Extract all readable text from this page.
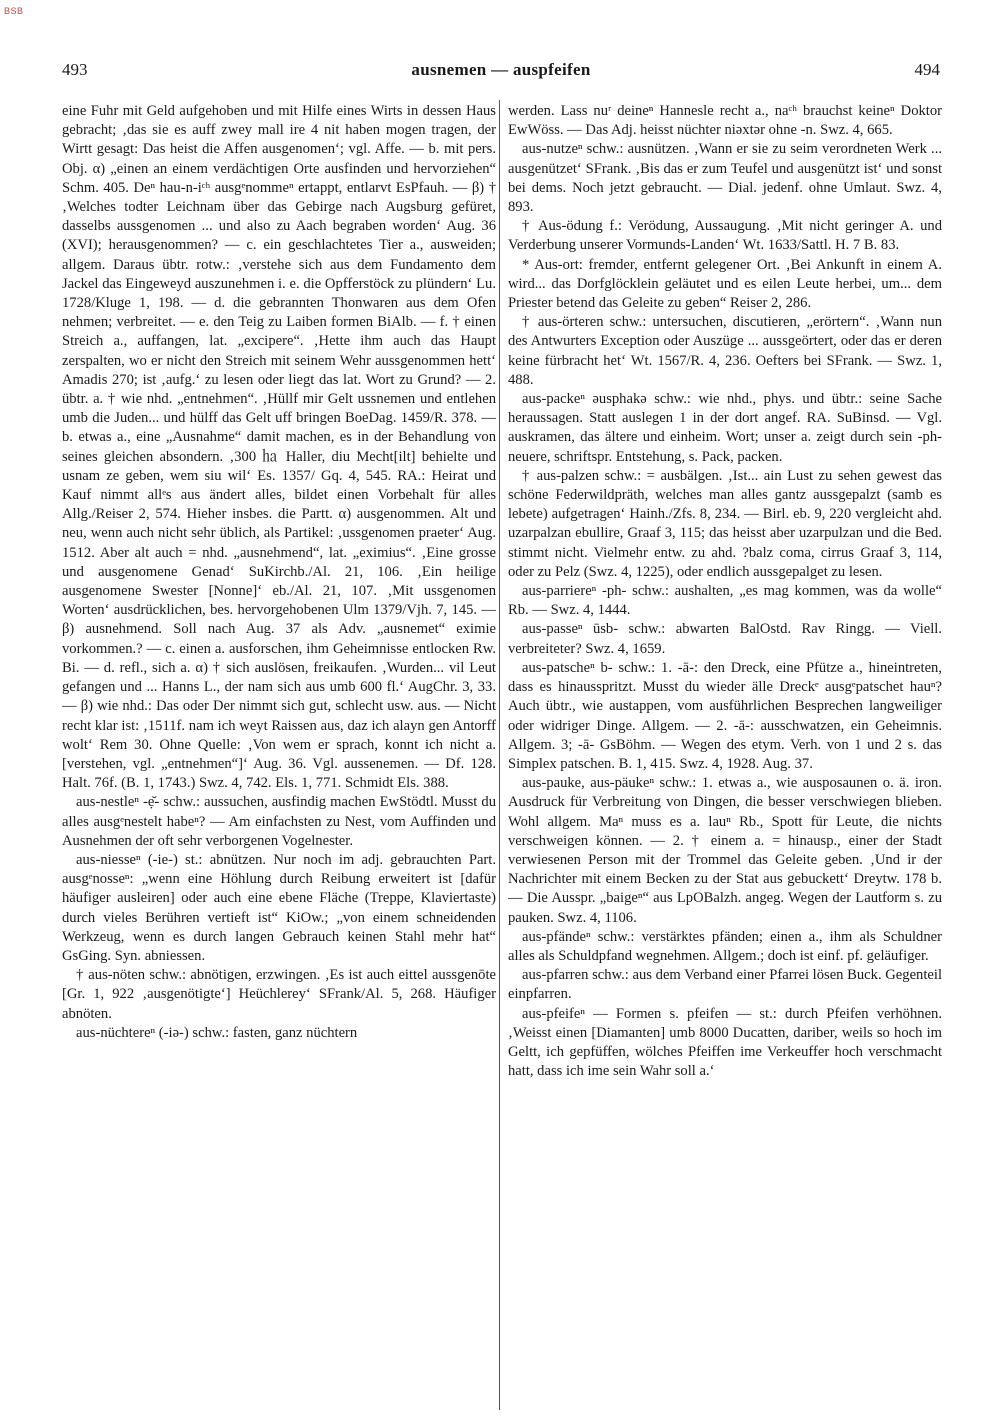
BSB
493	ausnemen — auspfeifen	494

eine Fuhr mit Geld aufgehoben und mit Hilfe eines Wirts in dessen Haus gebracht; ‚das sie es auff zwey mall ire 4 nit haben mogen tragen, der Wirtt gesagt: Das heist die Affen ausgenomen‘; vgl. Affe. — b. mit pers. Obj. α) „einen an einem verdächtigen Orte ausfinden und hervorziehen“ Schm. 405. Deⁿ hau-n-iᶜʰ ausgᵉnommeⁿ ertappt, entlarvt EsPfauh. — β) † ‚Welches todter Leichnam über das Gebirge nach Augsburg gefüret, dasselbs aussgenomen ... und also zu Aach begraben worden‘ Aug. 36 (XVI); herausgenommen? — c. ein geschlachtetes Tier a., ausweiden; allgem. Daraus übtr. rotw.: ‚verstehe sich aus dem Fundamento dem Jackel das Eingeweyd auszunehmen i. e. die Opfferstöck zu plündern‘ Lu. 1728/Kluge 1, 198. — d. die gebrannten Thonwaren aus dem Ofen nehmen; verbreitet. — e. den Teig zu Laiben formen BiAlb. — f. † einen Streich a., auffangen, lat. „excipere“. ‚Hette ihm auch das Haupt zerspalten, wo er nicht den Streich mit seinem Wehr aussgenommen hett‘ Amadis 270; ist ‚aufg.‘ zu lesen oder liegt das lat. Wort zu Grund? — 2. übtr. a. † wie nhd. „entnehmen“. ‚Hüllf mir Gelt ussnemen und entlehen umb die Juden... und hülff das Gelt uff bringen BoeDag. 1459/R. 378. — b. etwas a., eine „Ausnahme“ damit machen, es in der Behandlung von seines gleichen absondern. ‚300 ㏊ Haller, diu Mecht[ilt] behielte und usnam ze geben, wem siu wil‘ Es. 1357/ Gq. 4, 545. RA.: Heirat und Kauf nimmt allᵉs aus ändert alles, bildet einen Vorbehalt für alles Allg./Reiser 2, 574. Hieher insbes. die Partt. α) ausgenommen. Alt und neu, wenn auch nicht sehr üblich, als Partikel: ‚ussgenomen praeter‘ Aug. 1512. Aber alt auch = nhd. „ausnehmend“, lat. „eximius“. ‚Eine grosse und ausgenomene Genad‘ SuKirchb./Al. 21, 106. ‚Ein heilige ausgenomene Swester [Nonne]‘ eb./Al. 21, 107. ‚Mit ussgenomen Worten‘ ausdrücklichen, bes. hervorgehobenen Ulm 1379/Vjh. 7, 145. — β) ausnehmend. Soll nach Aug. 37 als Adv. „ausnemet“ eximie vorkommen.? — c. einen a. ausforschen, ihm Geheimnisse entlocken Rw. Bi. — d. refl., sich a. α) † sich auslösen, freikaufen. ‚Wurden... vil Leut gefangen und ... Hanns L., der nam sich aus umb 600 fl.‘ AugChr. 3, 33. — β) wie nhd.: Das oder Der nimmt sich gut, schlecht usw. aus. — Nicht recht klar ist: ‚1511f. nam ich weyt Raissen aus, daz ich alayn gen Antorff wolt‘ Rem 30. Ohne Quelle: ‚Von wem er sprach, konnt ich nicht a. [verstehen, vgl. „entnehmen“]‘ Aug. 36. Vgl. aussenemen. — Df. 128. Halt. 76f. (B. 1, 1743.) Swz. 4, 742. Els. 1, 771. Schmidt Els. 388.

aus-nestleⁿ -ẹ̆- schw.: aussuchen, ausfindig machen EwStödtl. Musst du alles ausgᵉnestelt habeⁿ? — Am einfachsten zu Nest, vom Auffinden und Ausnehmen der oft sehr verborgenen Vogelnester.

aus-niesseⁿ (-ie-) st.: abnützen. Nur noch im adj. gebrauchten Part. ausgᵉnosseⁿ: „wenn eine Höhlung durch Reibung erweitert ist [dafür häufiger ausleiren] oder auch eine ebene Fläche (Treppe, Klaviertaste) durch vieles Berühren vertieft ist“ KiOw.; „von einem schneidenden Werkzeug, wenn es durch langen Gebrauch keinen Stahl mehr hat“ GsGing. Syn. abniessen.

† aus-nöten schw.: abnötigen, erzwingen. ‚Es ist auch eittel aussgenōte [Gr. 1, 922 ‚ausgenötigte‘] Heüchlerey‘ SFrank/Al. 5, 268. Häufiger abnöten.

aus-nüchtereⁿ (-iə-) schw.: fasten, ganz nüchtern

werden. Lass nuʳ deineⁿ Hannesle recht a., naᶜʰ brauchst keineⁿ Doktor EwWöss. — Das Adj. heisst nüchter niəxtər ohne -n. Swz. 4, 665.

aus-nutzeⁿ schw.: ausnützen. ‚Wann er sie zu seim verordneten Werk ... ausgenützet‘ SFrank. ‚Bis das er zum Teufel und ausgenützt ist‘ und sonst bei dems. Noch jetzt gebraucht. — Dial. jedenf. ohne Umlaut. Swz. 4, 893.

† Aus-ödung f.: Verödung, Aussaugung. ‚Mit nicht geringer A. und Verderbung unserer Vormunds-Landen‘ Wt. 1633/Sattl. H. 7 B. 83.

* Aus-ort: fremder, entfernt gelegener Ort. ‚Bei Ankunft in einem A. wird... das Dorfglöcklein geläutet und es eilen Leute herbei, um... dem Priester betend das Geleite zu geben“ Reiser 2, 286.

† aus-örteren schw.: untersuchen, discutieren, „erörtern“. ‚Wann nun des Antwurters Exception oder Auszüge ... aussgeörtert, oder das er deren keine fürbracht het‘ Wt. 1567/R. 4, 236. Oefters bei SFrank. — Swz. 1, 488.

aus-packeⁿ əusphakə schw.: wie nhd., phys. und übtr.: seine Sache heraussagen. Statt auslegen 1 in der dort angef. RA. SuBinsd. — Vgl. auskramen, das ältere und einheim. Wort; unser a. zeigt durch sein -ph- neuere, schriftspr. Entstehung, s. Pack, packen.

† aus-palzen schw.: = ausbälgen. ‚Ist... ain Lust zu sehen gewest das schöne Federwildpräth, welches man alles gantz aussgepalzt (samb es lebete) aufgetragen‘ Hainh./Zfs. 8, 234. — Birl. eb. 9, 220 vergleicht ahd. uzarpalzan ebullire, Graaf 3, 115; das heisst aber uzarpulzan und die Bed. stimmt nicht. Vielmehr entw. zu ahd. ?balz coma, cirrus Graaf 3, 114, oder zu Pelz (Swz. 4, 1225), oder endlich aussgepalget zu lesen.

aus-parriereⁿ -ph- schw.: aushalten, „es mag kommen, was da wolle“ Rb. — Swz. 4, 1444.

aus-passeⁿ ūsb- schw.: abwarten BalOstd. Rav Ringg. — Viell. verbreiteter? Swz. 4, 1659.

aus-patscheⁿ b- schw.: 1. -ā-: den Dreck, eine Pfütze a., hineintreten, dass es hinausspritzt. Musst du wieder älle Dreckᵉ ausgᵉpatschet hauⁿ? Auch übtr., wie austappen, vom ausführlichen Besprechen langweiliger oder widriger Dinge. Allgem. — 2. -ā-: ausschwatzen, ein Geheimnis. Allgem. 3; -ā- GsBöhm. — Wegen des etym. Verh. von 1 und 2 s. das Simplex patschen. B. 1, 415. Swz. 4, 1928. Aug. 37.

aus-pauke, aus-päukeⁿ schw.: 1. etwas a., wie ausposaunen o. ä. iron. Ausdruck für Verbreitung von Dingen, die besser verschwiegen blieben. Wohl allgem. Maⁿ muss es a. lauⁿ Rb., Spott für Leute, die nichts verschweigen können. — 2. † einem a. = hinausp., einer der Stadt verwiesenen Person mit der Trommel das Geleite geben. ‚Und ir der Nachrichter mit einem Becken zu der Stat aus gebuckett‘ Dreytw. 178 b. — Die Ausspr. „baigeⁿ“ aus LpOBalzh. angeg. Wegen der Lautform s. zu pauken. Swz. 4, 1106.

aus-pfändeⁿ schw.: verstärktes pfänden; einen a., ihm als Schuldner alles als Schuldpfand wegnehmen. Allgem.; doch ist einf. pf. geläufiger.

aus-pfarren schw.: aus dem Verband einer Pfarrei lösen Buck. Gegenteil einpfarren.

aus-pfeifeⁿ — Formen s. pfeifen — st.: durch Pfeifen verhöhnen. ‚Weisst einen [Diamanten] umb 8000 Ducatten, dariber, weils so hoch im Geltt, ich gepfüffen, wölches Pfeiffen ime Verkeuffer hoch verschmacht hatt, dass ich ime sein Wahr soll a.‘
